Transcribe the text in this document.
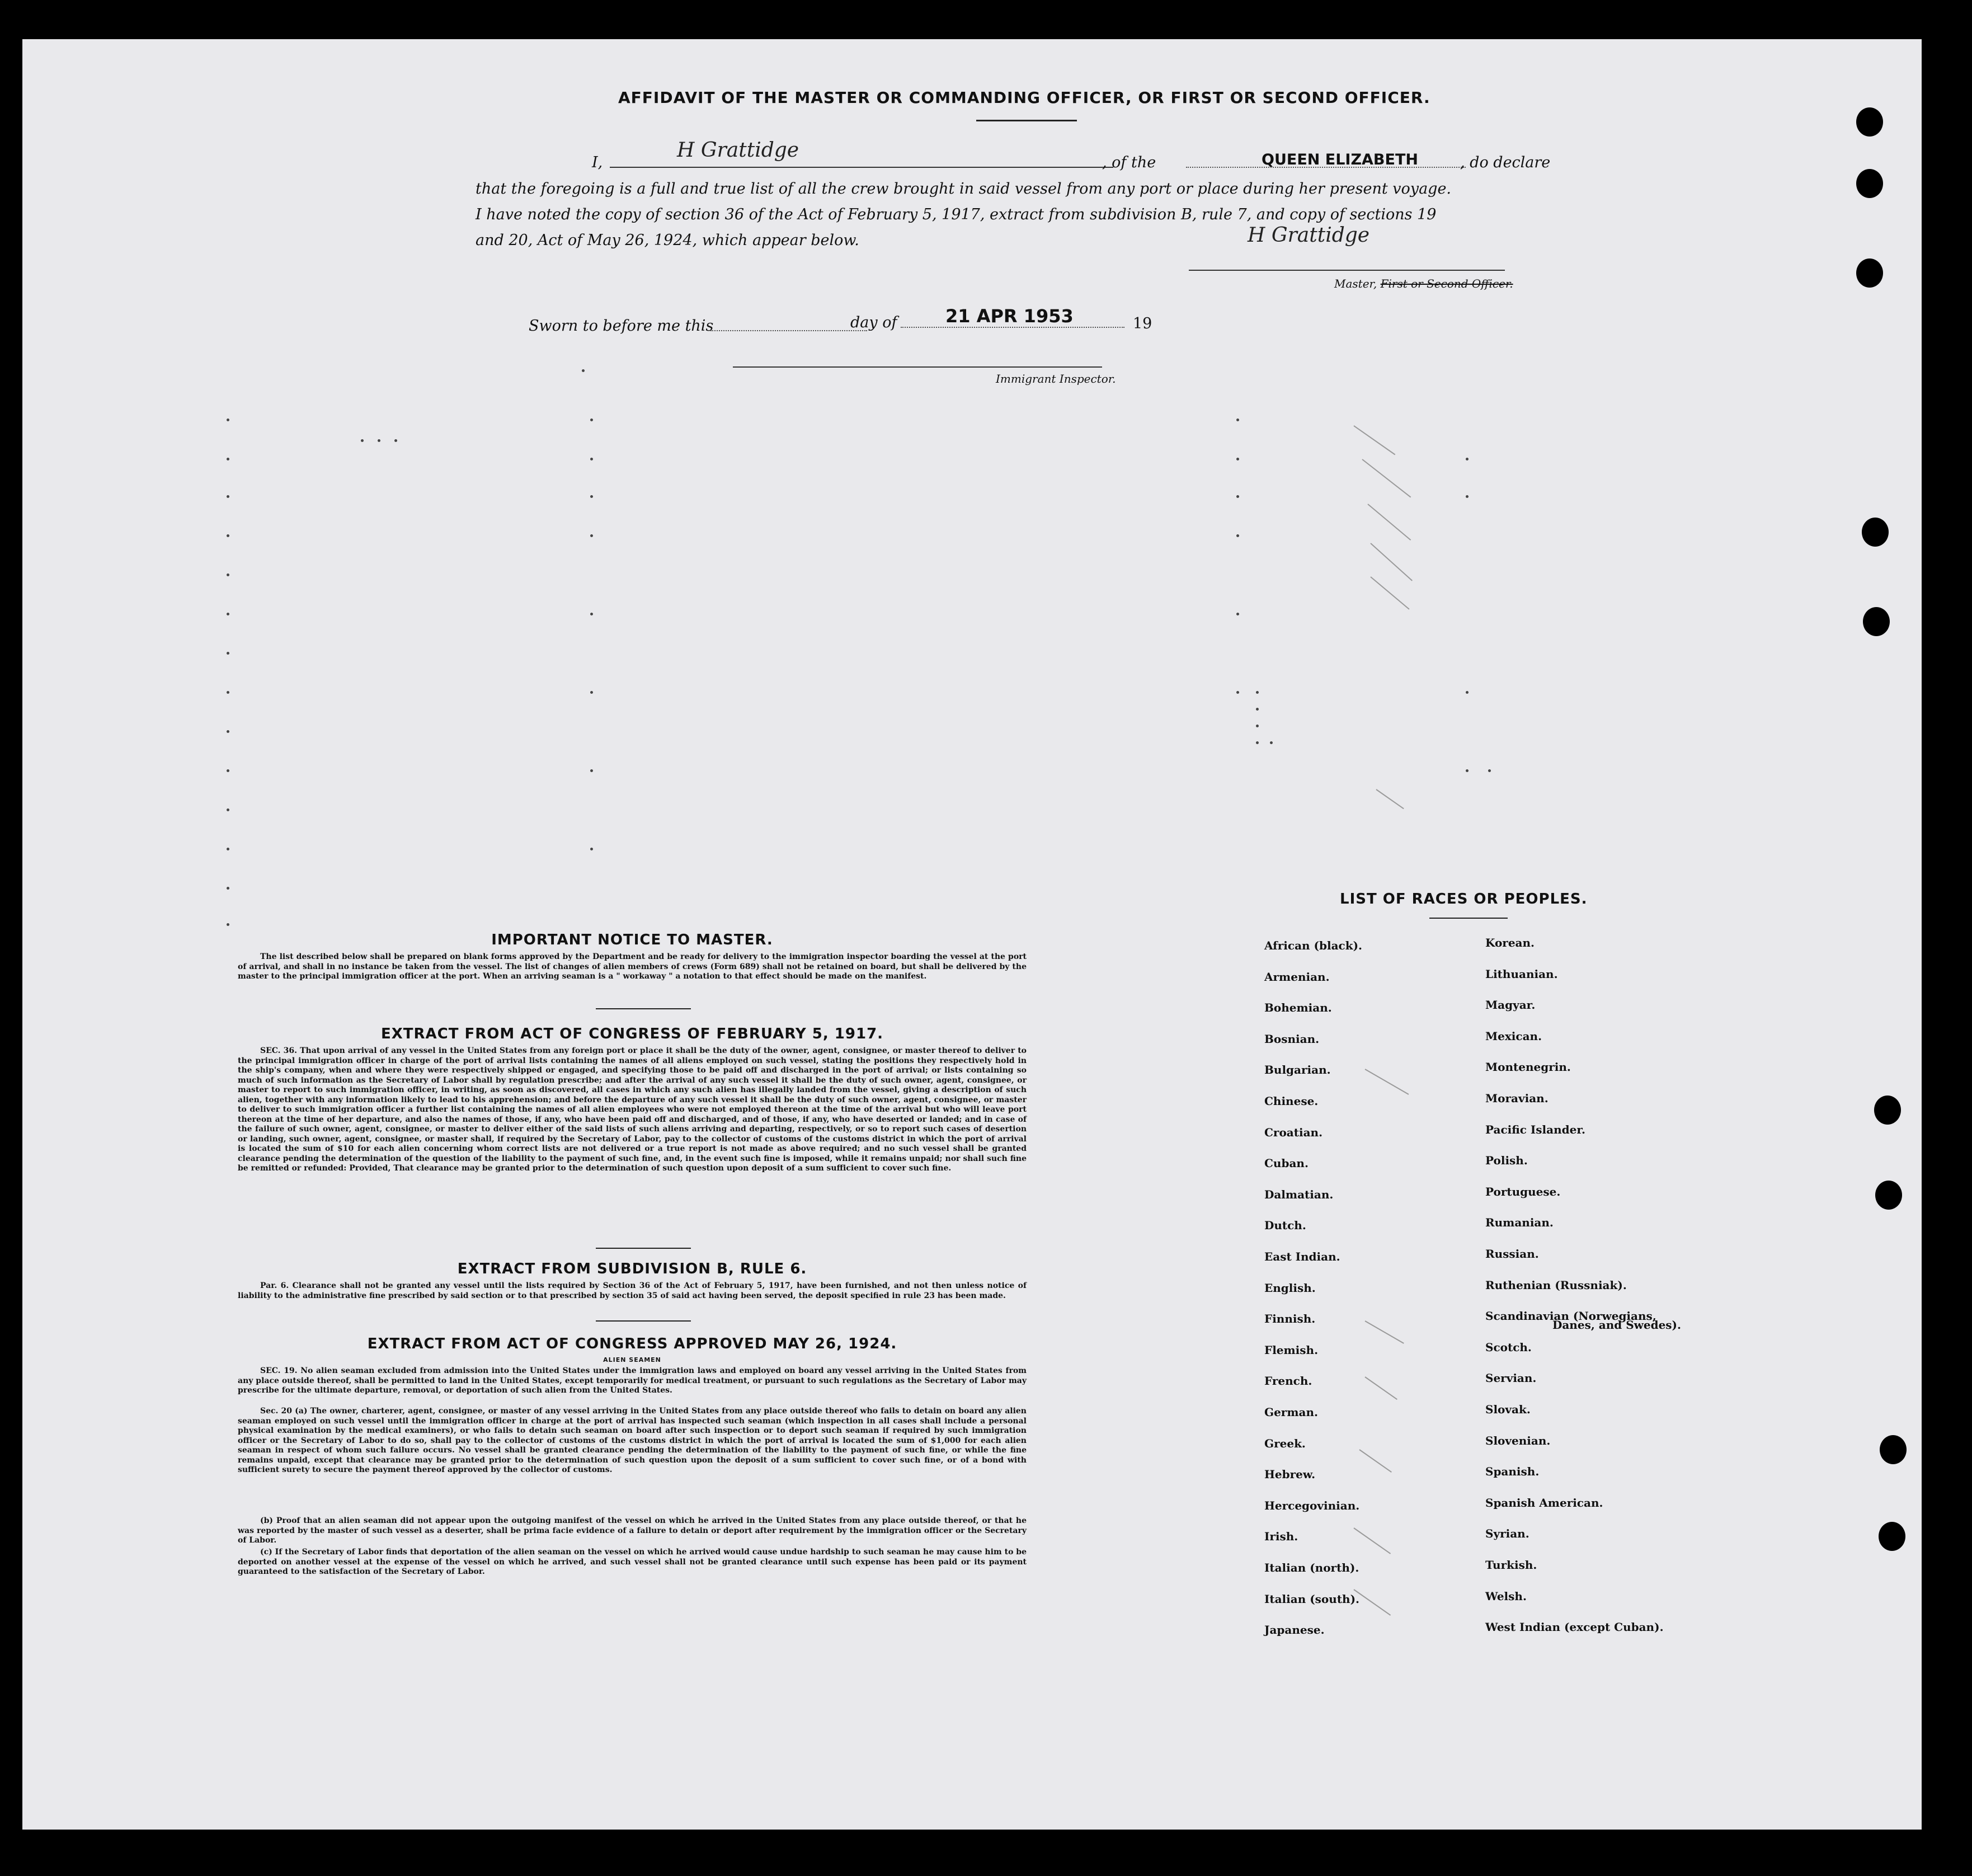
AFFIDAVIT OF THE MASTER OR COMMANDING OFFICER, OR FIRST OR SECOND OFFICER.
I,
H Grattidge
, of the	QUEEN ELIZABETH	, do declare
that the foregoing is a full and true list of all the crew brought in said vessel from any port or place during her present voyage.
I have noted the copy of section 36 of the Act of February 5, 1917, extract from subdivision B, rule 7, and copy of sections 19
and 20, Act of May 26, 1924, which appear below.	H Grattidge
Master, First or Second Officer.
Sworn to before me this	day of	21 APR 1953	19
Immigrant Inspector.
IMPORTANT NOTICE TO MASTER.
The list described below shall be prepared on blank forms approved by the Department and be ready for delivery to the immigration inspector boarding the vessel at the port of arrival, and shall in no instance be taken from the vessel. The list of changes of alien members of crews (Form 689) shall not be retained on board, but shall be delivered by the master to the principal immigration officer at the port. When an arriving seaman is a " workaway " a notation to that effect should be made on the manifest.
EXTRACT FROM ACT OF CONGRESS OF FEBRUARY 5, 1917.
SEC. 36. That upon arrival of any vessel in the United States from any foreign port or place it shall be the duty of the owner, agent, consignee, or master thereof to deliver to the principal immigration officer in charge of the port of arrival lists containing the names of all aliens employed on such vessel, stating the positions they respectively hold in the ship's company, when and where they were respectively shipped or engaged, and specifying those to be paid off and discharged in the port of arrival; or lists containing so much of such information as the Secretary of Labor shall by regulation prescribe; and after the arrival of any such vessel it shall be the duty of such owner, agent, consignee, or master to report to such immigration officer, in writing, as soon as discovered, all cases in which any such alien has illegally landed from the vessel, giving a description of such alien, together with any information likely to lead to his apprehension; and before the departure of any such vessel it shall be the duty of such owner, agent, consignee, or master to deliver to such immigration officer a further list containing the names of all alien employees who were not employed thereon at the time of the arrival but who will leave port thereon at the time of her departure, and also the names of those, if any, who have been paid off and discharged, and of those, if any, who have deserted or landed; and in case of the failure of such owner, agent, consignee, or master to deliver either of the said lists of such aliens arriving and departing, respectively, or so to report such cases of desertion or landing, such owner, agent, consignee, or master shall, if required by the Secretary of Labor, pay to the collector of customs of the customs district in which the port of arrival is located the sum of $10 for each alien concerning whom correct lists are not delivered or a true report is not made as above required; and no such vessel shall be granted clearance pending the determination of the question of the liability to the payment of such fine, and, in the event such fine is imposed, while it remains unpaid; nor shall such fine be remitted or refunded: Provided, That clearance may be granted prior to the determination of such question upon deposit of a sum sufficient to cover such fine.
EXTRACT FROM SUBDIVISION B, RULE 6.
Par. 6. Clearance shall not be granted any vessel until the lists required by Section 36 of the Act of February 5, 1917, have been furnished, and not then unless notice of liability to the administrative fine prescribed by said section or to that prescribed by section 35 of said act having been served, the deposit specified in rule 23 has been made.
EXTRACT FROM ACT OF CONGRESS APPROVED MAY 26, 1924.
ALIEN SEAMEN
SEC. 19. No alien seaman excluded from admission into the United States under the immigration laws and employed on board any vessel arriving in the United States from any place outside thereof, shall be permitted to land in the United States, except temporarily for medical treatment, or pursuant to such regulations as the Secretary of Labor may prescribe for the ultimate departure, removal, or deportation of such alien from the United States.
Sec. 20 (a) The owner, charterer, agent, consignee, or master of any vessel arriving in the United States from any place outside thereof who fails to detain on board any alien seaman employed on such vessel until the immigration officer in charge at the port of arrival has inspected such seaman (which inspection in all cases shall include a personal physical examination by the medical examiners), or who fails to detain such seaman on board after such inspection or to deport such seaman if required by such immigration officer or the Secretary of Labor to do so, shall pay to the collector of customs of the customs district in which the port of arrival is located the sum of $1,000 for each alien seaman in respect of whom such failure occurs. No vessel shall be granted clearance pending the determination of the liability to the payment of such fine, or while the fine remains unpaid, except that clearance may be granted prior to the determination of such question upon the deposit of a sum sufficient to cover such fine, or of a bond with sufficient surety to secure the payment thereof approved by the collector of customs.
(b) Proof that an alien seaman did not appear upon the outgoing manifest of the vessel on which he arrived in the United States from any place outside thereof, or that he was reported by the master of such vessel as a deserter, shall be prima facie evidence of a failure to detain or deport after requirement by the immigration officer or the Secretary of Labor.
(c) If the Secretary of Labor finds that deportation of the alien seaman on the vessel on which he arrived would cause undue hardship to such seaman he may cause him to be deported on another vessel at the expense of the vessel on which he arrived, and such vessel shall not be granted clearance until such expense has been paid or its payment guaranteed to the satisfaction of the Secretary of Labor.
LIST OF RACES OR PEOPLES.
African (black).
Armenian.
Bohemian.
Bosnian.
Bulgarian.
Chinese.
Croatian.
Cuban.
Dalmatian.
Dutch.
East Indian.
English.
Finnish.
Flemish.
French.
German.
Greek.
Hebrew.
Hercegovinian.
Irish.
Italian (north).
Italian (south).
Japanese.
Korean.
Lithuanian.
Magyar.
Mexican.
Montenegrin.
Moravian.
Pacific Islander.
Polish.
Portuguese.
Rumanian.
Russian.
Ruthenian (Russniak).
Scandinavian (Norwegians,
Scotch.
Servian.
Slovak.
Slovenian.
Spanish.
Spanish American.
Syrian.
Turkish.
Welsh.
West Indian (except Cuban).
Danes, and Swedes).
